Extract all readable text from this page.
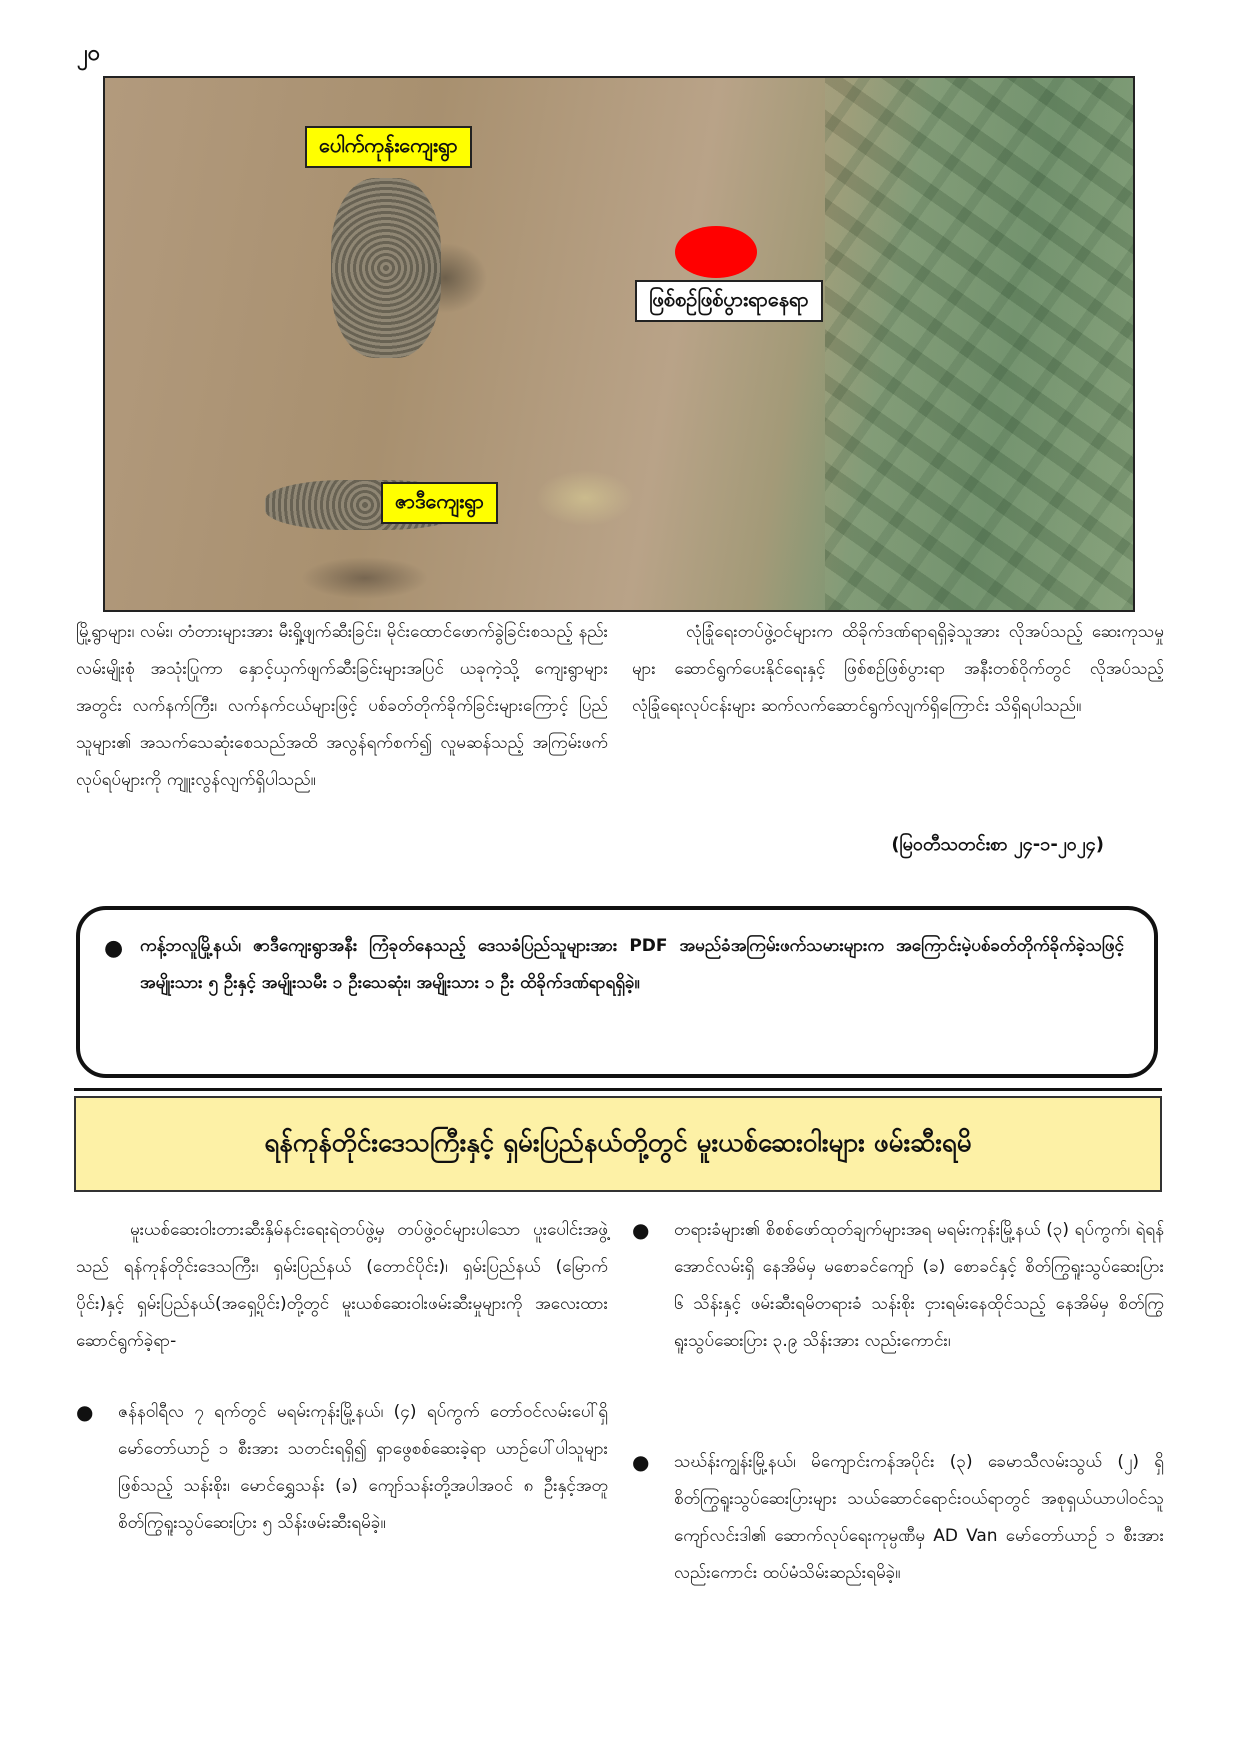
၂၀
ပေါက်ကုန်းကျေးရွာ
ဖြစ်စဉ်ဖြစ်ပွားရာနေရာ
ဇာဒီကျေးရွာ

မြို့ရွာများ၊ လမ်း၊ တံတားများအား မီးရှို့ဖျက်ဆီးခြင်း၊ မိုင်းထောင်ဖောက်ခွဲခြင်းစသည့် နည်းလမ်းမျိုးစုံ အသုံးပြုကာ နှောင့်ယှက်ဖျက်ဆီးခြင်းများအပြင် ယခုကဲ့သို့ ကျေးရွာများအတွင်း လက်နက်ကြီး၊ လက်နက်ငယ်များဖြင့် ပစ်ခတ်တိုက်ခိုက်ခြင်းများကြောင့် ပြည်သူများ၏ အသက်သေဆုံးစေသည်အထိ အလွန်ရက်စက်၍ လူမဆန်သည့် အကြမ်းဖက်လုပ်ရပ်များကို ကျူးလွန်လျက်ရှိပါသည်။

လုံခြုံရေးတပ်ဖွဲ့ဝင်များက ထိခိုက်ဒဏ်ရာရရှိခဲ့သူအား လိုအပ်သည့် ဆေးကုသမှုများ ဆောင်ရွက်ပေးနိုင်ရေးနှင့် ဖြစ်စဉ်ဖြစ်ပွားရာ အနီးတစ်ဝိုက်တွင် လိုအပ်သည့် လုံခြုံရေးလုပ်ငန်းများ ဆက်လက်ဆောင်ရွက်လျက်ရှိကြောင်း သိရှိရပါသည်။

(မြဝတီသတင်းစာ ၂၄-၁-၂၀၂၄)
● ကန့်ဘလူမြို့နယ်၊ ဇာဒီကျေးရွာအနီး ကြံခုတ်နေသည့် ဒေသခံပြည်သူများအား PDF အမည်ခံအကြမ်းဖက်သမားများက အကြောင်းမဲ့ပစ်ခတ်တိုက်ခိုက်ခဲ့သဖြင့် အမျိုးသား ၅ ဦးနှင့် အမျိုးသမီး ၁ ဦးသေဆုံး၊ အမျိုးသား ၁ ဦး ထိခိုက်ဒဏ်ရာရရှိခဲ့။

ရန်ကုန်တိုင်းဒေသကြီးနှင့် ရှမ်းပြည်နယ်တို့တွင် မူးယစ်ဆေးဝါးများ ဖမ်းဆီးရမိ

မူးယစ်ဆေးဝါးတားဆီးနှိမ်နင်းရေးရဲတပ်ဖွဲ့မှ တပ်ဖွဲ့ဝင်များပါသော ပူးပေါင်းအဖွဲ့သည် ရန်ကုန်တိုင်းဒေသကြီး၊ ရှမ်းပြည်နယ် (တောင်ပိုင်း)၊ ရှမ်းပြည်နယ် (မြောက်ပိုင်း)နှင့် ရှမ်းပြည်နယ်(အရှေ့ပိုင်း)တို့တွင် မူးယစ်ဆေးဝါးဖမ်းဆီးမှုများကို အလေးထားဆောင်ရွက်ခဲ့ရာ-

● ဇန်နဝါရီလ ၇ ရက်တွင် မရမ်းကုန်းမြို့နယ်၊ (၄) ရပ်ကွက် တော်ဝင်လမ်းပေါ်ရှိ မော်တော်ယာဉ် ၁ စီးအား သတင်းရရှိ၍ ရှာဖွေစစ်ဆေးခဲ့ရာ ယာဉ်ပေါ်ပါသူများဖြစ်သည့် သန်းစိုး၊ မောင်ရွှေသန်း (ခ) ကျော်သန်းတို့အပါအဝင် ၈ ဦးနှင့်အတူ စိတ်ကြွရူးသွပ်ဆေးပြား ၅ သိန်းဖမ်းဆီးရမိခဲ့။

● တရားခံများ၏ စိစစ်ဖော်ထုတ်ချက်များအရ မရမ်းကုန်းမြို့နယ် (၃) ရပ်ကွက်၊ ရဲရန်အောင်လမ်းရှိ နေအိမ်မှ မစောခင်ကျော် (ခ) စောခင်နှင့် စိတ်ကြွရူးသွပ်ဆေးပြား ၆ သိန်းနှင့် ဖမ်းဆီးရမိတရားခံ သန်းစိုး ငှားရမ်းနေထိုင်သည့် နေအိမ်မှ စိတ်ကြွရူးသွပ်ဆေးပြား ၃.၉ သိန်းအား လည်းကောင်း၊

● သဃ်န်းကျွန်းမြို့နယ်၊ မိကျောင်းကန်အပိုင်း (၃) ခေမာသီလမ်းသွယ် (၂) ရှိ စိတ်ကြွရူးသွပ်ဆေးပြားများ သယ်ဆောင်ရောင်းဝယ်ရာတွင် အစုရှယ်ယာပါဝင်သူ ကျော်လင်းဒါ၏ ဆောက်လုပ်ရေးကုမ္ပဏီမှ AD Van မော်တော်ယာဉ် ၁ စီးအားလည်းကောင်း ထပ်မံသိမ်းဆည်းရမိခဲ့။
